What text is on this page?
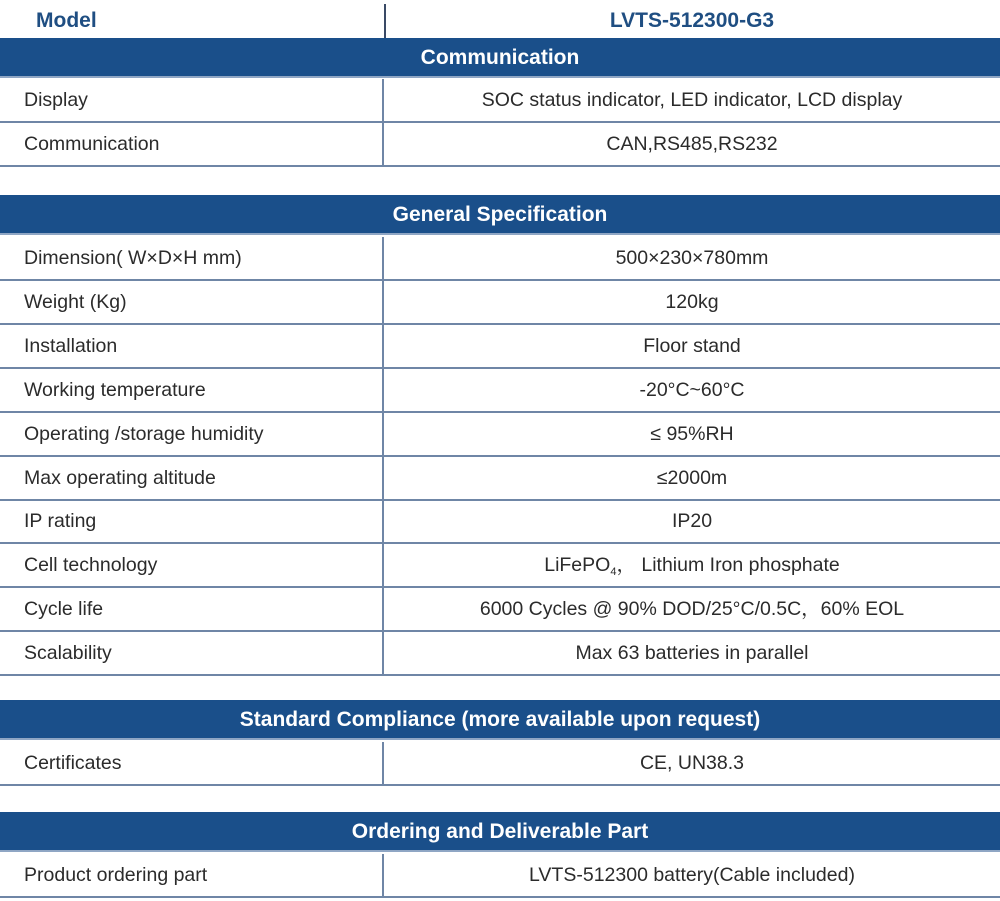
Model	LVTS-512300-G3
Communication
Display	SOC status indicator, LED indicator, LCD display
Communication	CAN,RS485,RS232
General Specification
Dimension( W×D×H mm)	500×230×780mm
Weight (Kg)	120kg
Installation	Floor stand
Working temperature	-20°C~60°C
Operating /storage humidity	≤ 95%RH
Max operating altitude	≤2000m
IP rating	IP20
Cell technology	LiFePO$_4$， Lithium Iron phosphate
Cycle life	6000 Cycles @ 90% DOD/25°C/0.5C，60% EOL
Scalability	Max 63 batteries in parallel
Standard Compliance (more available upon request)
Certificates	CE, UN38.3
Ordering and Deliverable Part
Product ordering part	LVTS-512300 battery(Cable included)
